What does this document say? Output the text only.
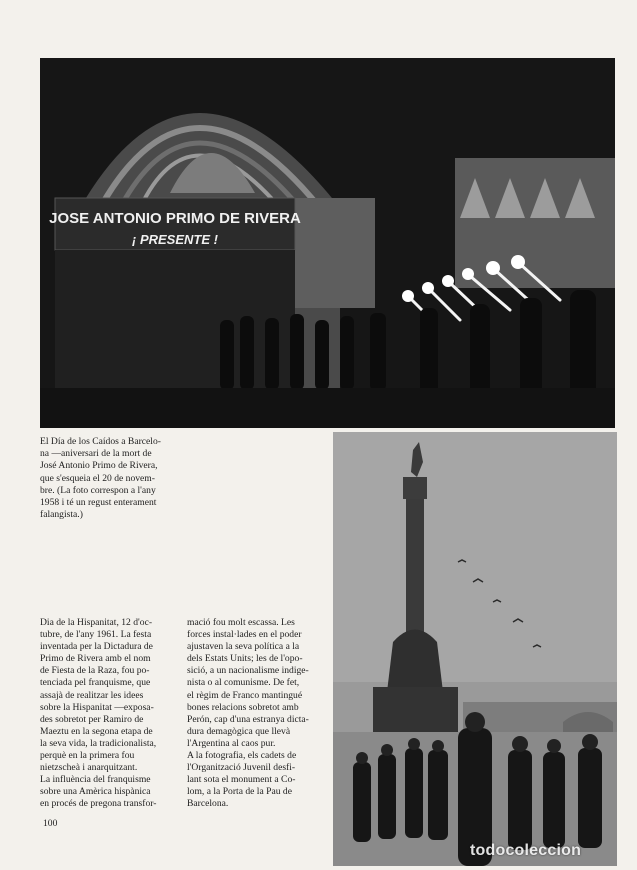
JOSE ANTONIO PRIMO DE RIVERA
¡ PRESENTE !
El Día de los Caídos a Barcelo-
na —aniversari de la mort de
José Antonio Primo de Rivera,
que s'esqueia el 20 de novem-
bre. (La foto correspon a l'any
1958 i té un regust enterament
falangista.)
Dia de la Hispanitat, 12 d'oc-
tubre, de l'any 1961. La festa
inventada per la Dictadura de
Primo de Rivera amb el nom
de Fiesta de la Raza, fou po-
tenciada pel franquisme, que
assajà de realitzar les idees
sobre la Hispanitat —exposa-
des sobretot per Ramiro de
Maeztu en la segona etapa de
la seva vida, la tradicionalista,
perquè en la primera fou
nietzscheà i anarquitzant.
La influència del franquisme
sobre una Amèrica hispànica
en procés de pregona transfor-
mació fou molt escassa. Les
forces instal·lades en el poder
ajustaven la seva política a la
dels Estats Units; les de l'opo-
sició, a un nacionalisme indige-
nista o al comunisme. De fet,
el règim de Franco mantingué
bones relacions sobretot amb
Perón, cap d'una estranya dicta-
dura demagògica que llevà
l'Argentina al caos pur.
A la fotografia, els cadets de
l'Organització Juvenil desfi-
lant sota el monument a Co-
lom, a la Porta de la Pau de
Barcelona.
100
todocoleccion
